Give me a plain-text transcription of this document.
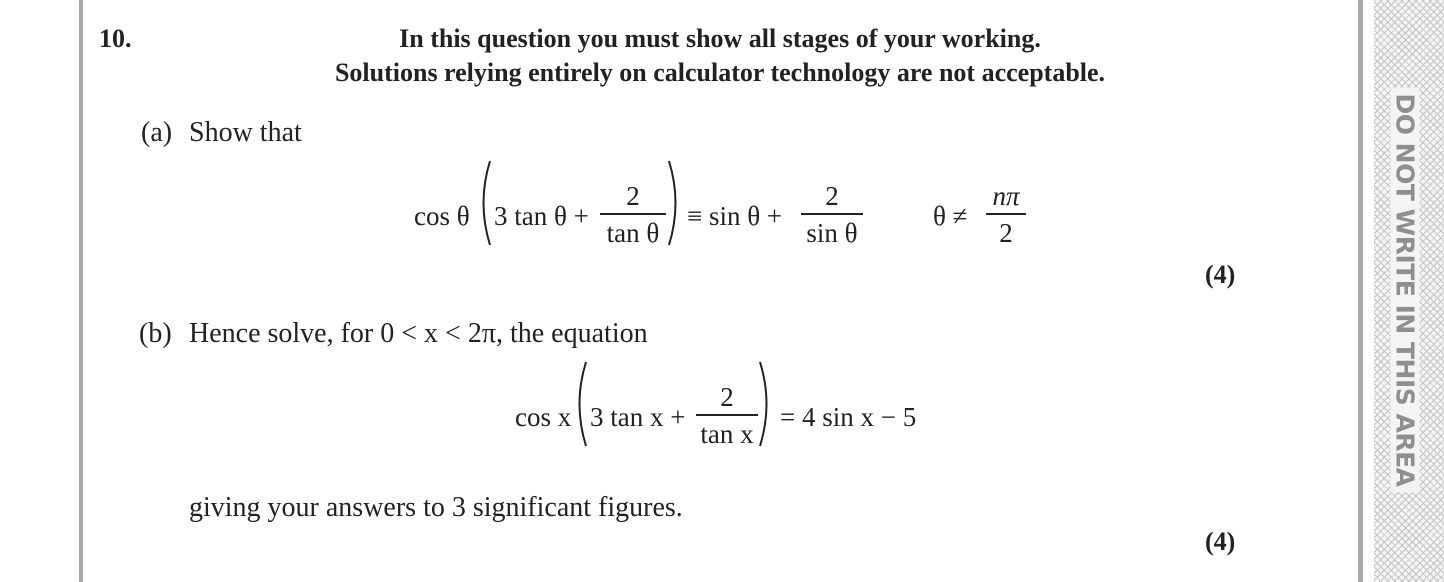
DO NOT WRITE IN THIS AREA
10.	In this question you must show all stages of your working.
Solutions relying entirely on calculator technology are not acceptable.
(a) Show that
cos θ 3 tan θ +
2
tan θ
≡ sin θ +
2
sin θ
θ ≠
nπ
2
(4)
(b) Hence solve, for 0 < x < 2π, the equation
cos x 3 tan x +
2
tan x
= 4 sin x − 5
giving your answers to 3 significant figures.
(4)
